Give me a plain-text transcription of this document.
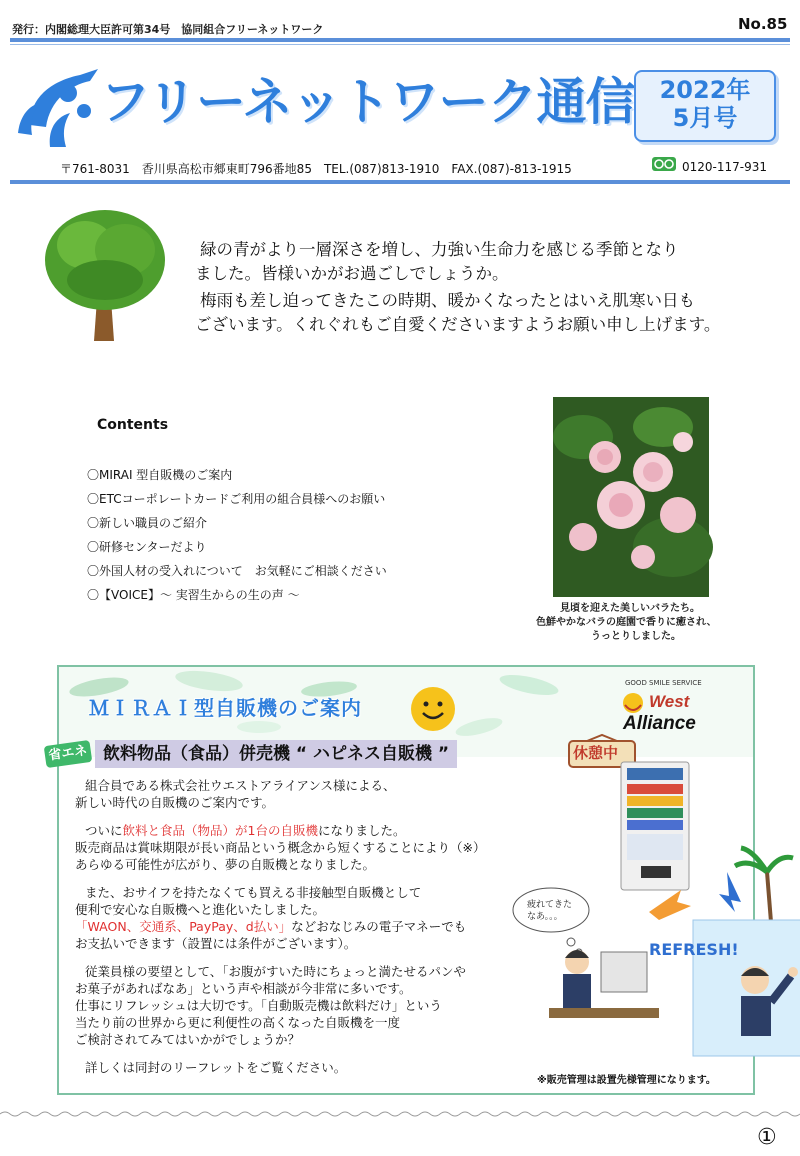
発行：内閣総理大臣許可第34号　協同組合フリーネットワーク	No.85
フリーネットワーク通信	2022年
5月号
〒761-8031　香川県高松市郷東町796番地85　TEL.(087)813-1910　FAX.(087)-813-1915	0120-117-931
緑の青がより一層深さを増し、力強い生命力を感じる季節となり
ました。皆様いかがお過ごしでしょうか。
梅雨も差し迫ってきたこの時期、暖かくなったとはいえ肌寒い日も
ございます。くれぐれもご自愛くださいますようお願い申し上げます。
Contents
〇MIRAI 型自販機のご案内
〇ETCコーポレートカードご利用の組合員様へのお願い
〇新しい職員のご紹介
〇研修センターだより
〇外国人材の受入れについて　お気軽にご相談ください
〇【VOICE】～ 実習生からの生の声 ～
見頃を迎えた美しいバラたち。
色鮮やかなバラの庭園で香りに癒され、
うっとりしました。
ＭＩＲＡＩ型自販機のご案内
飲料物品（食品）併売機 “ ハピネス自販機 ”
省エネ
GOOD SMILE SERVICE
West
Alliance
休憩中
組合員である株式会社ウエストアライアンス様による、
新しい時代の自販機のご案内です。
ついに飲料と食品（物品）が1台の自販機になりました。
販売商品は賞味期限が長い商品という概念から短くすることにより（※）
あらゆる可能性が広がり、夢の自販機となりました。
また、おサイフを持たなくても買える非接触型自販機として
便利で安心な自販機へと進化いたしました。
「WAON、交通系、PayPay、d払い」などおなじみの電子マネーでも
お支払いできます（設置には条件がございます）。
従業員様の要望として、「お腹がすいた時にちょっと満たせるパンや
お菓子があればなあ」という声や相談が今非常に多いです。
仕事にリフレッシュは大切です。「自動販売機は飲料だけ」という
当たり前の世界から更に利便性の高くなった自販機を一度
ご検討されてみてはいかがでしょうか？
詳しくは同封のリーフレットをご覧ください。
疲れてきた
なあ。。。
REFRESH!
※販売管理は設置先様管理になります。
①
